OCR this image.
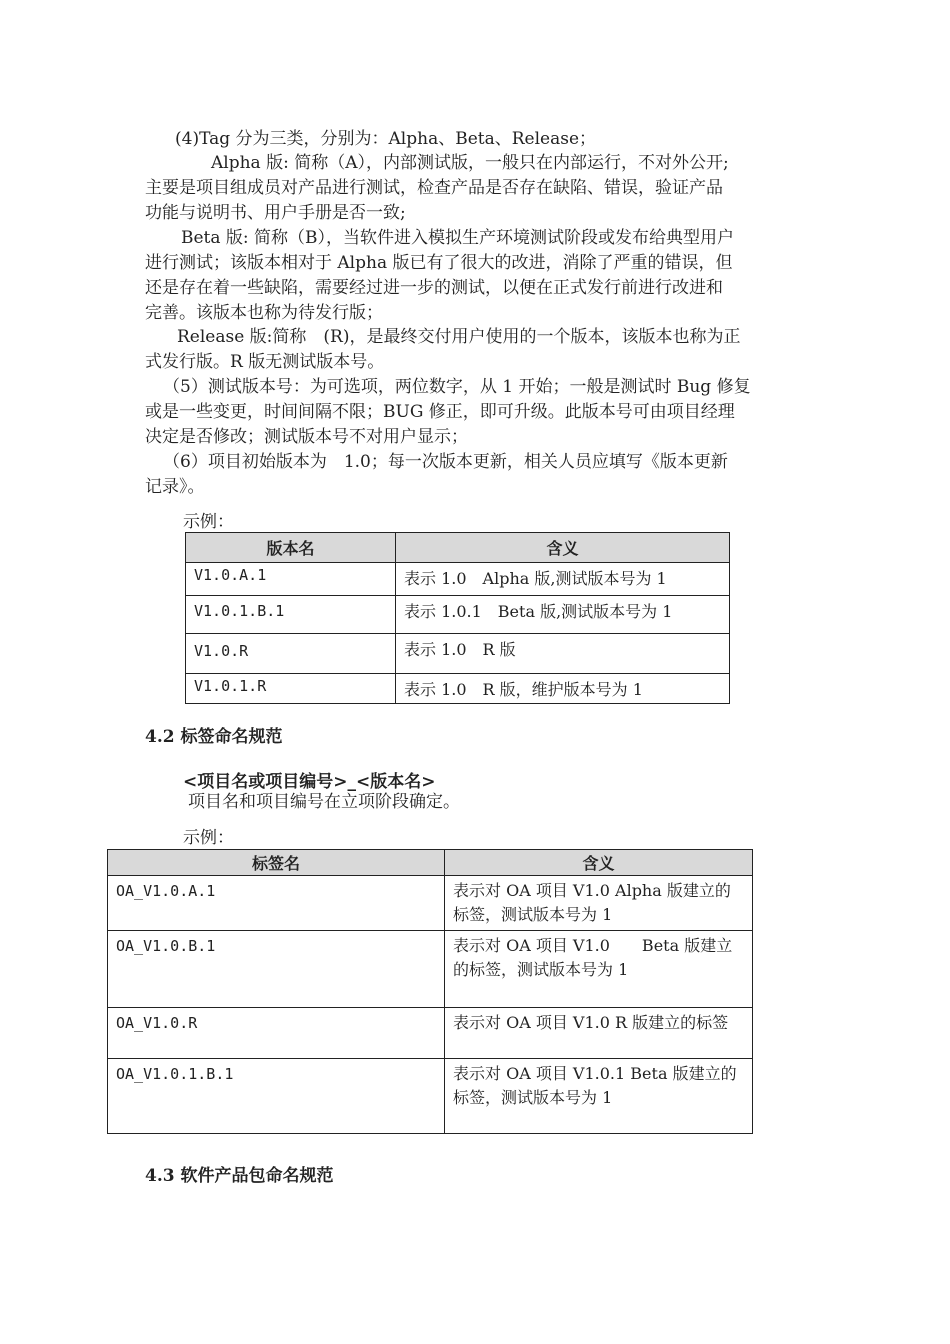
(4)Tag 分为三类，分别为：Alpha、Beta、Release；
Alpha 版: 简称（A），内部测试版，一般只在内部运行，不对外公开;
主要是项目组成员对产品进行测试，检查产品是否存在缺陷、错误，验证产品
功能与说明书、用户手册是否一致;
Beta 版: 简称（B），当软件进入模拟生产环境测试阶段或发布给典型用户
进行测试；该版本相对于 Alpha 版已有了很大的改进，消除了严重的错误，但
还是存在着一些缺陷，需要经过进一步的测试，以便在正式发行前进行改进和
完善。该版本也称为待发行版；
Release 版:简称　(R)，是最终交付用户使用的一个版本，该版本也称为正
式发行版。R 版无测试版本号。
（5）测试版本号：为可选项，两位数字，从 1 开始；一般是测试时 Bug 修复
或是一些变更，时间间隔不限；BUG 修正，即可升级。此版本号可由项目经理
决定是否修改；测试版本号不对用户显示；
（6）项目初始版本为　1.0；每一次版本更新，相关人员应填写《版本更新
记录》。
示例：
版本名	含义
V1.0.A.1	表示 1.0　Alpha 版,测试版本号为 1
V1.0.1.B.1	表示 1.0.1　Beta 版,测试版本号为 1
V1.0.R	表示 1.0　R 版
V1.0.1.R	表示 1.0　R 版，维护版本号为 1
4.2 标签命名规范
<项目名或项目编号>_<版本名>
项目名和项目编号在立项阶段确定。
示例：
标签名	含义
OA_V1.0.A.1	表示对 OA 项目 V1.0 Alpha 版建立的标签，测试版本号为 1
OA_V1.0.B.1	表示对 OA 项目 V1.0　　Beta 版建立的标签，测试版本号为 1
OA_V1.0.R	表示对 OA 项目 V1.0 R 版建立的标签
OA_V1.0.1.B.1	表示对 OA 项目 V1.0.1 Beta 版建立的标签，测试版本号为 1
4.3 软件产品包命名规范
